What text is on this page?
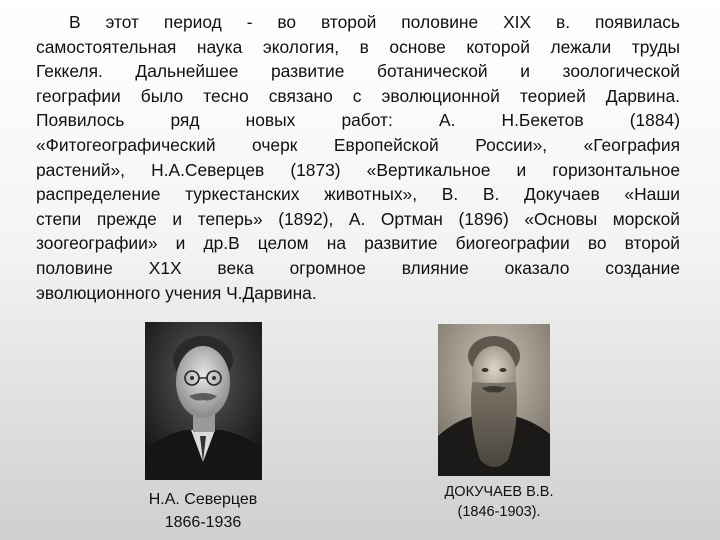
В этот период - во второй половине XIX в. появилась
самостоятельная наука экология, в основе которой лежали труды
Геккеля. Дальнейшее развитие ботанической и зоологической
географии было тесно связано с эволюционной теорией Дарвина.
Появилось ряд новых работ: А. Н.Бекетов (1884)
«Фитогеографический очерк Европейской России», «География
растений», Н.А.Северцев (1873) «Вертикальное и горизонтальное
распределение туркестанских животных», В. В. Докучаев «Наши
степи прежде и теперь» (1892), А. Ортман (1896) «Основы морской
зоогеографии» и др.В целом на развитие биогеографии во второй
половине Х1Х века огромное влияние оказало создание
эволюционного учения Ч.Дарвина.
Н.А. Северцев
1866-1936
ДОКУЧАЕВ В.В.
(1846-1903).
